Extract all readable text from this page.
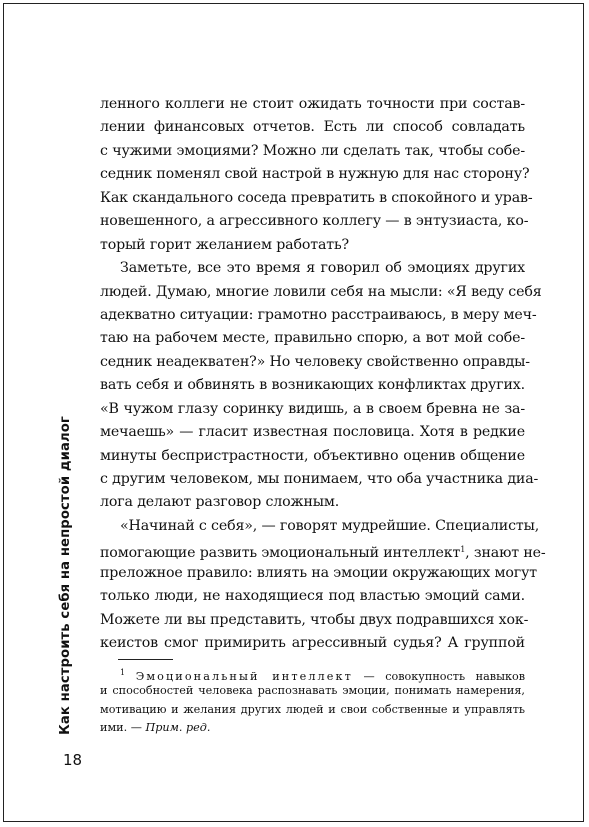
ленного коллеги не стоит ожидать точности при состав-
лении финансовых отчетов. Есть ли способ совладать
с чужими эмоциями? Можно ли сделать так, чтобы собе-
седник поменял свой настрой в нужную для нас сторону?
Как скандального соседа превратить в спокойного и урав-
новешенного, а агрессивного коллегу — в энтузиаста, ко-
торый горит желанием работать?
Заметьте, все это время я говорил об эмоциях других
людей. Думаю, многие ловили себя на мысли: «Я веду себя
адекватно ситуации: грамотно расстраиваюсь, в меру меч-
таю на рабочем месте, правильно спорю, а вот мой собе-
седник неадекватен?» Но человеку свойственно оправды-
вать себя и обвинять в возникающих конфликтах других.
«В чужом глазу соринку видишь, а в своем бревна не за-
мечаешь» — гласит известная пословица. Хотя в редкие
минуты беспристрастности, объективно оценив общение
с другим человеком, мы понимаем, что оба участника диа-
лога делают разговор сложным.
«Начинай с себя», — говорят мудрейшие. Специалисты,
помогающие развить эмоциональный интеллект$^1$, знают не-
преложное правило: влиять на эмоции окружающих могут
только люди, не находящиеся под властью эмоций сами.
Можете ли вы представить, чтобы двух подравшихся хок-
кеистов смог примирить агрессивный судья? А группой
$^1$ Эмоциональный интеллект — совокупность навыков
и способностей человека распознавать эмоции, понимать намерения,
мотивацию и желания других людей и свои собственные и управлять
ими. — Прим. ред.
Как настроить себя на непростой диалог
18
